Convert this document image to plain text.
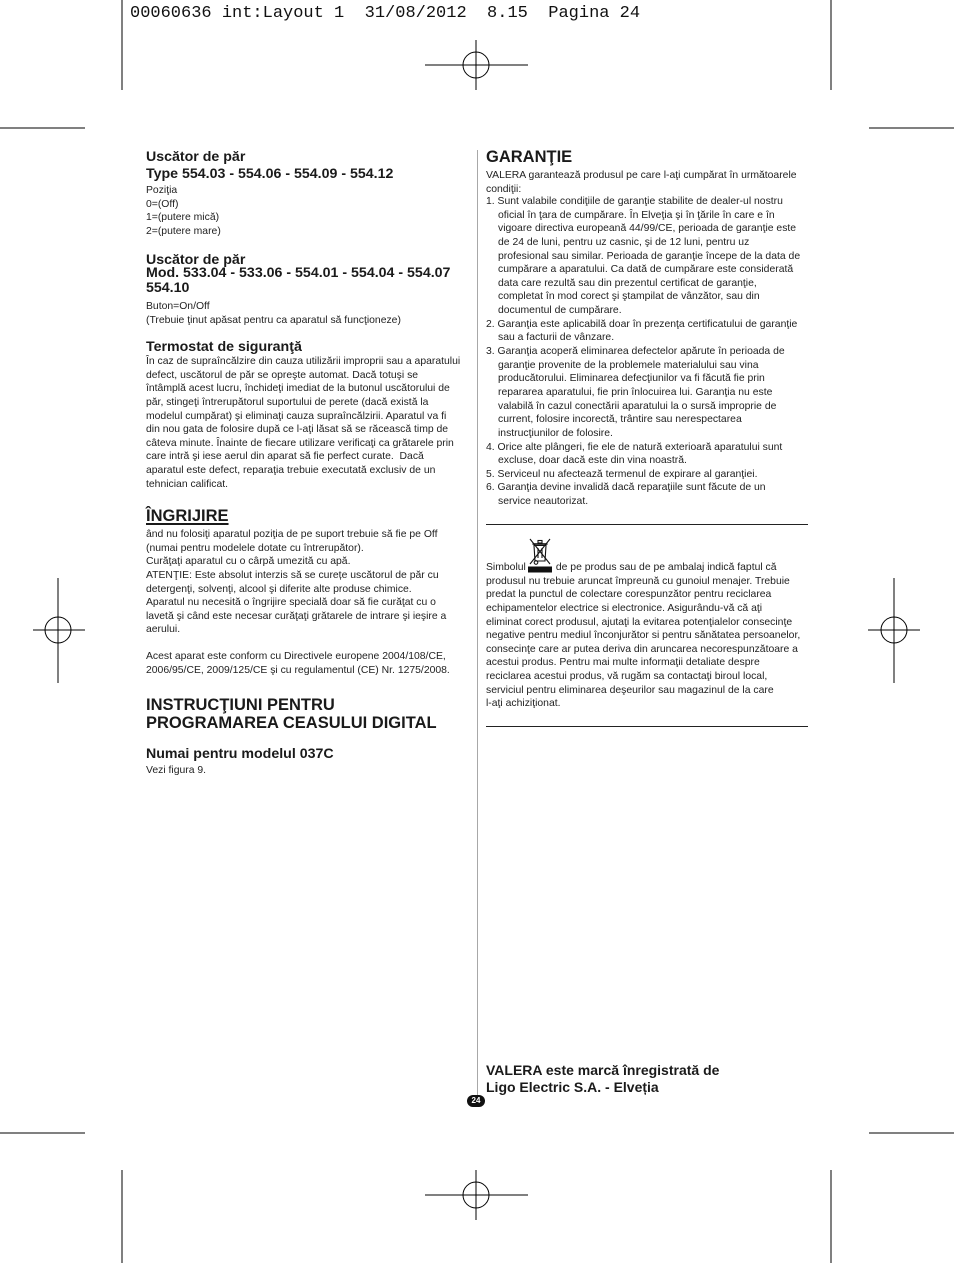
00060636 int:Layout 1  31/08/2012  8.15  Pagina 24
Uscător de păr
Type 554.03 - 554.06 - 554.09 - 554.12
Poziţia
0=(Off)
1=(putere mică)
2=(putere mare)
Uscător de păr
Mod. 533.04 - 533.06 - 554.01 - 554.04 - 554.07
554.10
Buton=On/Off
(Trebuie ţinut apăsat pentru ca aparatul să funcţioneze)
Termostat de siguranţă
În caz de supraîncălzire din cauza utilizării improprii sau a aparatului
defect, uscătorul de păr se opreşte automat. Dacă totuşi se
întâmplă acest lucru, închideţi imediat de la butonul uscătorului de
păr, stingeţi întrerupătorul suportului de perete (dacă există la
modelul cumpărat) şi eliminaţi cauza supraîncălzirii. Aparatul va fi
din nou gata de folosire după ce l-aţi lăsat să se răcească timp de
câteva minute. Înainte de fiecare utilizare verificaţi ca grătarele prin
care intră şi iese aerul din aparat să fie perfect curate.  Dacă
aparatul este defect, reparaţia trebuie executată exclusiv de un
tehnician calificat.
ÎNGRIJIRE
ând nu folosiţi aparatul poziţia de pe suport trebuie să fie pe Off
(numai pentru modelele dotate cu întrerupător).
Curăţaţi aparatul cu o cârpă umezită cu apă.
ATENŢIE: Este absolut interzis să se curețe uscătorul de păr cu
detergenţi, solvenţi, alcool şi diferite alte produse chimice.
Aparatul nu necesită o îngrijire specială doar să fie curăţat cu o
lavetă şi când este necesar curăţaţi grătarele de intrare şi ieşire a
aerului.
Acest aparat este conform cu Directivele europene 2004/108/CE,
2006/95/CE, 2009/125/CE şi cu regulamentul (CE) Nr. 1275/2008.
INSTRUCŢIUNI PENTRU
PROGRAMAREA CEASULUI DIGITAL
Numai pentru modelul 037C
Vezi figura 9.
GARANŢIE
VALERA garantează produsul pe care l-aţi cumpărat în următoarele
condiţii:
1. Sunt valabile condiţiile de garanţie stabilite de dealer-ul nostru
oficial în ţara de cumpărare. În Elveţia şi în ţările în care e în
vigoare directiva europeană 44/99/CE, perioada de garanţie este
de 24 de luni, pentru uz casnic, şi de 12 luni, pentru uz
profesional sau similar. Perioada de garanţie începe de la data de
cumpărare a aparatului. Ca dată de cumpărare este considerată
data care rezultă sau din prezentul certificat de garanţie,
completat în mod corect şi ştampilat de vânzător, sau din
documentul de cumpărare.
2. Garanţia este aplicabilă doar în prezenţa certificatului de garanţie
sau a facturii de vânzare.
3. Garanţia acoperă eliminarea defectelor apărute în perioada de
garanţie provenite de la problemele materialului sau vina
producătorului. Eliminarea defecţiunilor va fi făcută fie prin
repararea aparatului, fie prin înlocuirea lui. Garanţia nu este
valabilă în cazul conectării aparatului la o sursă improprie de
current, folosire incorectă, trântire sau nerespectarea
instrucţiunilor de folosire.
4. Orice alte plângeri, fie ele de natură exterioară aparatului sunt
excluse, doar dacă este din vina noastră.
5. Serviceul nu afectează termenul de expirare al garanţiei.
6. Garanţia devine invalidă dacă reparaţiile sunt făcute de un
service neautorizat.
Simbolul

	de pe produs sau de pe ambalaj indică faptul că
produsul nu trebuie aruncat împreună cu gunoiul menajer. Trebuie
predat la punctul de colectare corespunzător pentru reciclarea
echipamentelor electrice si electronice. Asigurându-vă că aţi
eliminat corect produsul, ajutaţi la evitarea potenţialelor consecinţe
negative pentru mediul înconjurător si pentru sănătatea persoanelor,
consecinţe care ar putea deriva din aruncarea necorespunzătoare a
acestui produs. Pentru mai multe informaţii detaliate despre
reciclarea acestui produs, vă rugăm sa contactaţi biroul local,
serviciul pentru eliminarea deşeurilor sau magazinul de la care
l-aţi achiziţionat.
VALERA este marcă înregistrată de
Ligo Electric S.A. - Elveția
24
